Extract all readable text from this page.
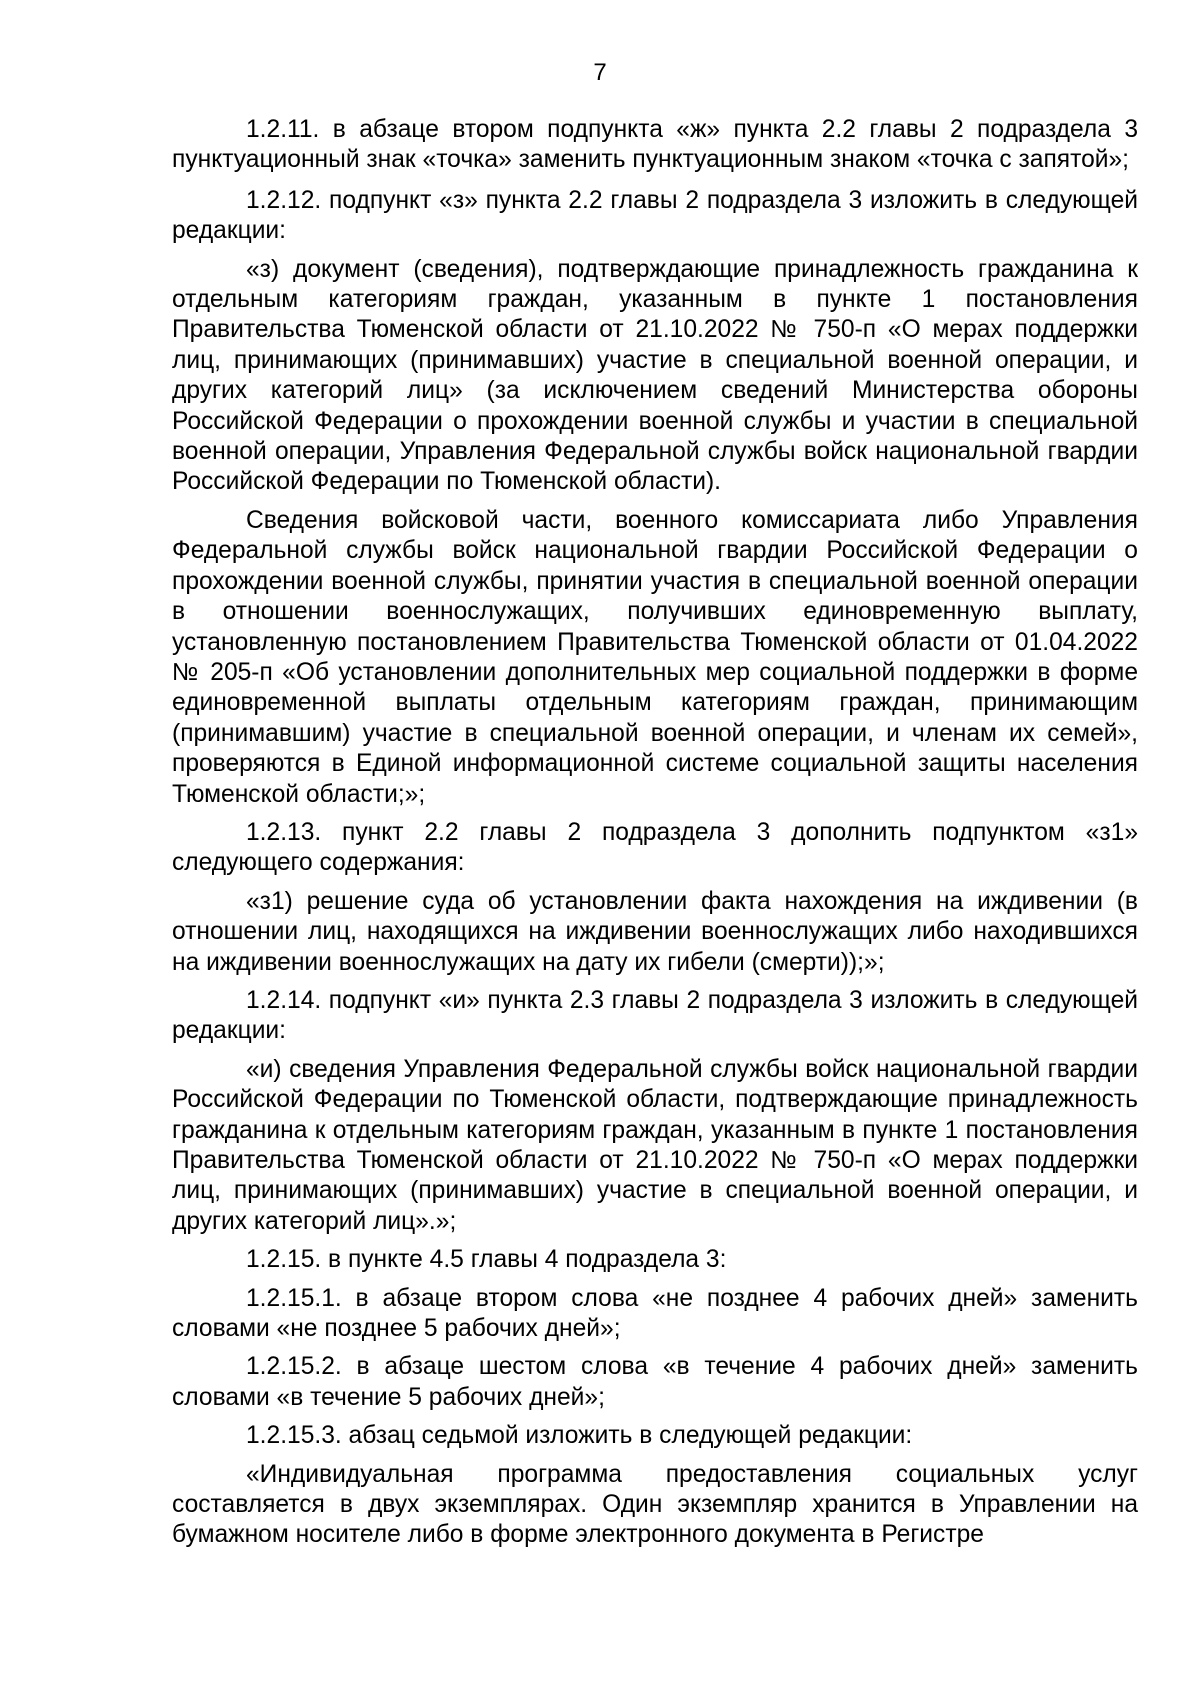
7

1.2.11. в абзаце втором подпункта «ж» пункта 2.2 главы 2 подраздела 3 пунктуационный знак «точка» заменить пунктуационным знаком «точка с запятой»;

1.2.12. подпункт «з» пункта 2.2 главы 2 подраздела 3 изложить в следующей редакции:

«з) документ (сведения), подтверждающие принадлежность гражданина к отдельным категориям граждан, указанным в пункте 1 постановления Правительства Тюменской области от 21.10.2022 № 750-п «О мерах поддержки лиц, принимающих (принимавших) участие в специальной военной операции, и других категорий лиц» (за исключением сведений Министерства обороны Российской Федерации о прохождении военной службы и участии в специальной военной операции, Управления Федеральной службы войск национальной гвардии Российской Федерации по Тюменской области).

Сведения войсковой части, военного комиссариата либо Управления Федеральной службы войск национальной гвардии Российской Федерации о прохождении военной службы, принятии участия в специальной военной операции в отношении военнослужащих, получивших единовременную выплату, установленную постановлением Правительства Тюменской области от 01.04.2022 № 205-п «Об установлении дополнительных мер социальной поддержки в форме единовременной выплаты отдельным категориям граждан, принимающим (принимавшим) участие в специальной военной операции, и членам их семей», проверяются в Единой информационной системе социальной защиты населения Тюменской области;»;

1.2.13. пункт 2.2 главы 2 подраздела 3 дополнить подпунктом «з1» следующего содержания:

«з1) решение суда об установлении факта нахождения на иждивении (в отношении лиц, находящихся на иждивении военнослужащих либо находившихся на иждивении военнослужащих на дату их гибели (смерти));»;

1.2.14. подпункт «и» пункта 2.3 главы 2 подраздела 3 изложить в следующей редакции:

«и) сведения Управления Федеральной службы войск национальной гвардии Российской Федерации по Тюменской области, подтверждающие принадлежность гражданина к отдельным категориям граждан, указанным в пункте 1 постановления Правительства Тюменской области от 21.10.2022 № 750-п «О мерах поддержки лиц, принимающих (принимавших) участие в специальной военной операции, и других категорий лиц».»;

1.2.15. в пункте 4.5 главы 4 подраздела 3:

1.2.15.1. в абзаце втором слова «не позднее 4 рабочих дней» заменить словами «не позднее 5 рабочих дней»;

1.2.15.2. в абзаце шестом слова «в течение 4 рабочих дней» заменить словами «в течение 5 рабочих дней»;

1.2.15.3. абзац седьмой изложить в следующей редакции:

«Индивидуальная программа предоставления социальных услуг составляется в двух экземплярах. Один экземпляр хранится в Управлении на бумажном носителе либо в форме электронного документа в Регистре
